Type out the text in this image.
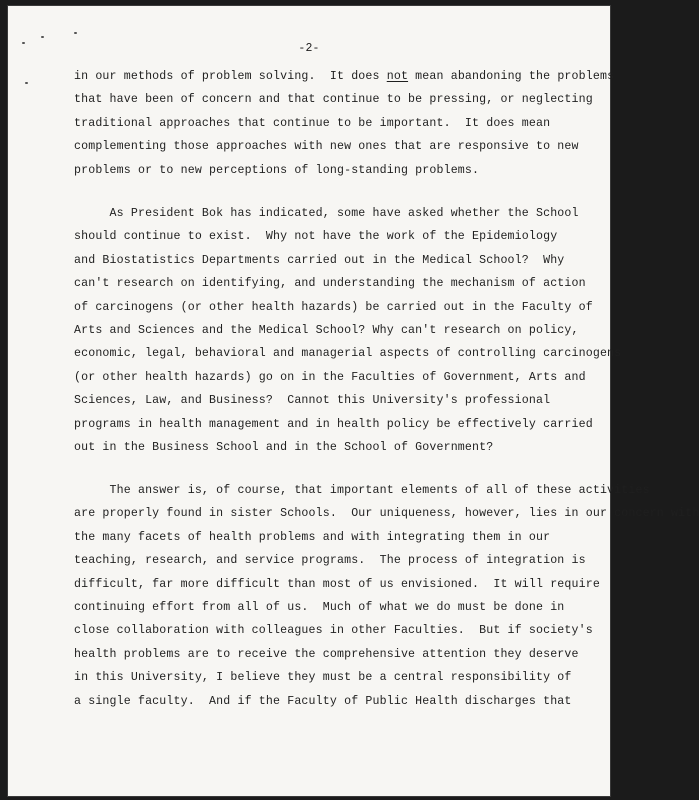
-2-
in our methods of problem solving.  It does not mean abandoning the problems
that have been of concern and that continue to be pressing, or neglecting
traditional approaches that continue to be important.  It does mean
complementing those approaches with new ones that are responsive to new
problems or to new perceptions of long-standing problems.
As President Bok has indicated, some have asked whether the School
should continue to exist.  Why not have the work of the Epidemiology
and Biostatistics Departments carried out in the Medical School?  Why
can't research on identifying, and understanding the mechanism of action
of carcinogens (or other health hazards) be carried out in the Faculty of
Arts and Sciences and the Medical School? Why can't research on policy,
economic, legal, behavioral and managerial aspects of controlling carcinogens
(or other health hazards) go on in the Faculties of Government, Arts and
Sciences, Law, and Business?  Cannot this University's professional
programs in health management and in health policy be effectively carried
out in the Business School and in the School of Government?
The answer is, of course, that important elements of all of these activities
are properly found in sister Schools.  Our uniqueness, however, lies in our concern with
the many facets of health problems and with integrating them in our
teaching, research, and service programs.  The process of integration is
difficult, far more difficult than most of us envisioned.  It will require
continuing effort from all of us.  Much of what we do must be done in
close collaboration with colleagues in other Faculties.  But if society's
health problems are to receive the comprehensive attention they deserve
in this University, I believe they must be a central responsibility of
a single faculty.  And if the Faculty of Public Health discharges that
